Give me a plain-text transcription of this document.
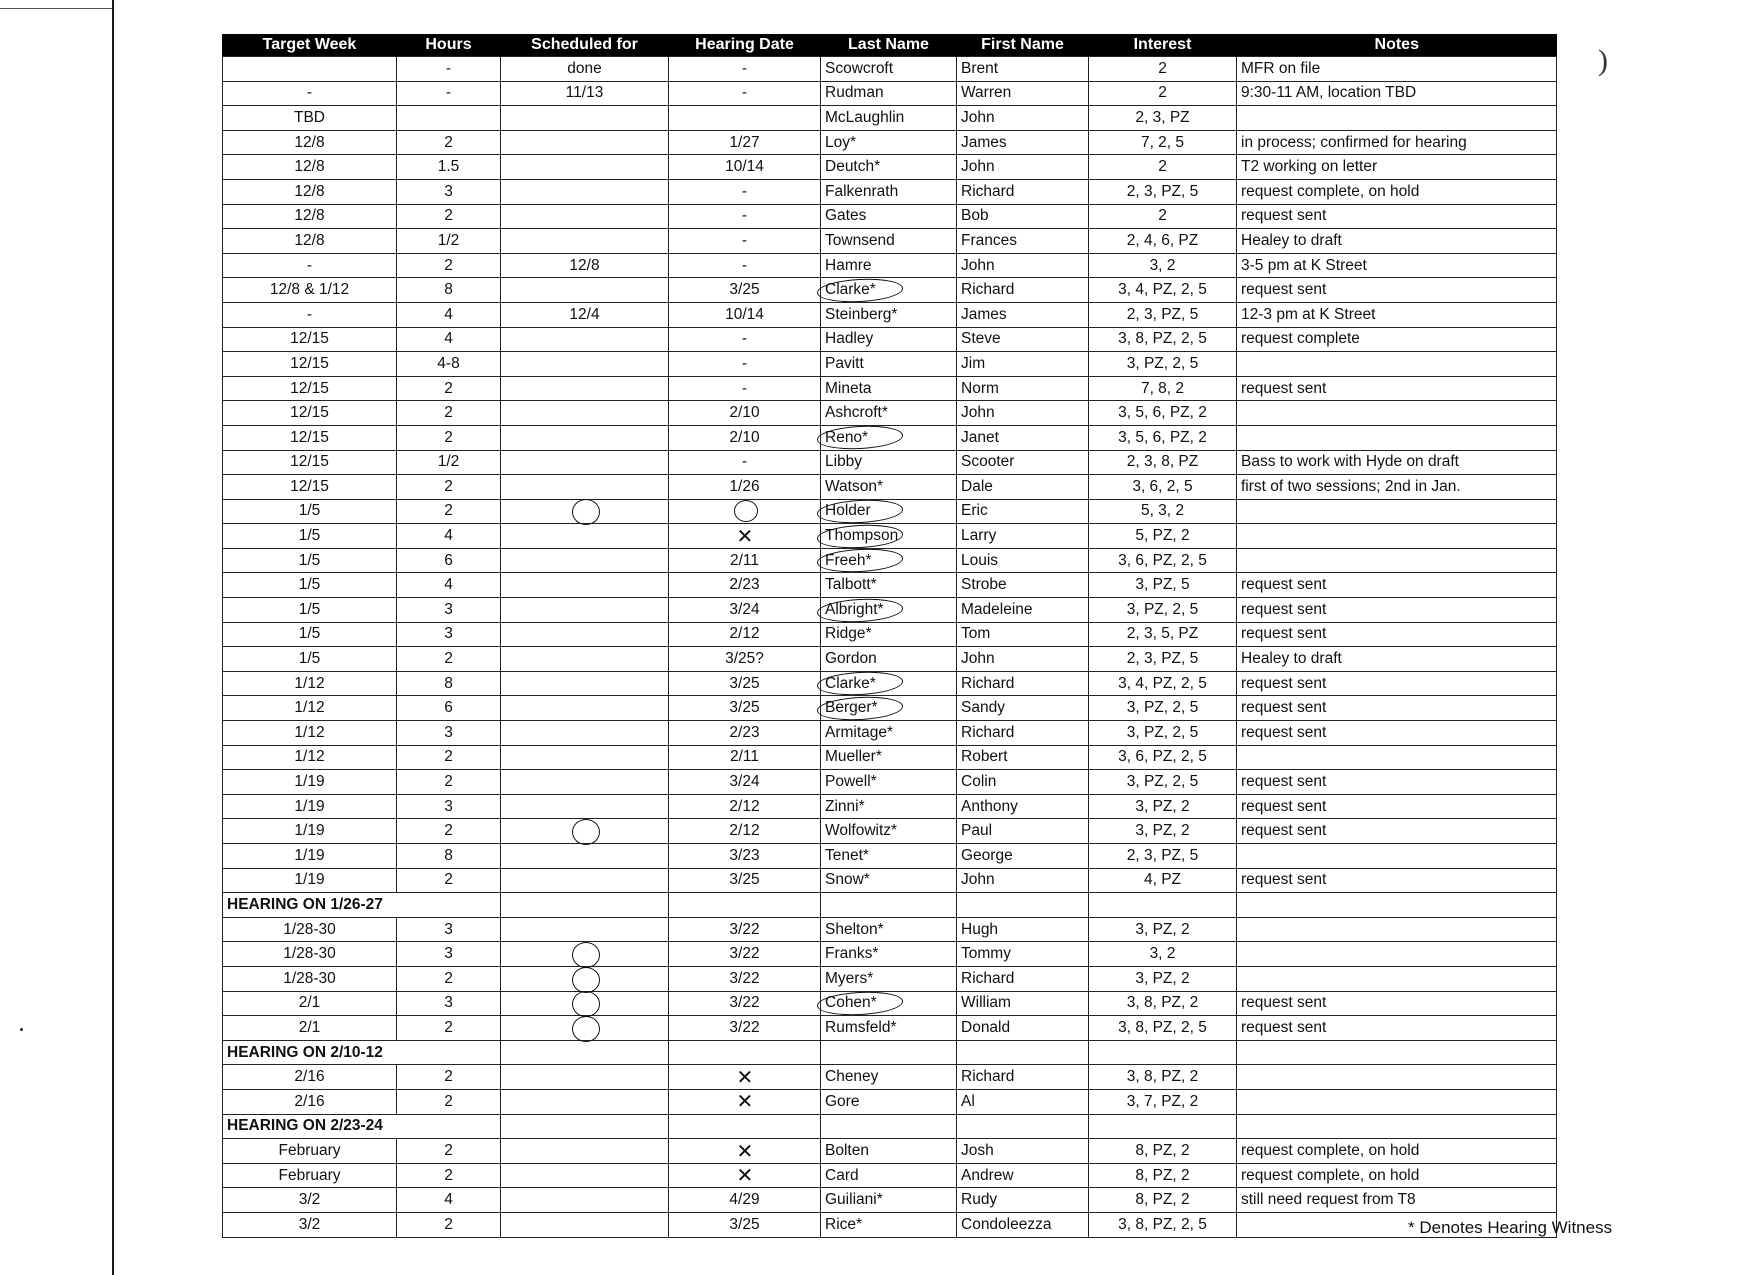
)
Target Week	Hours	Scheduled for	Hearing Date	Last Name	First Name	Interest	Notes
	-	done	-	Scowcroft	Brent	2	MFR on file
-	-	11/13	-	Rudman	Warren	2	9:30-11 AM, location TBD
TBD				McLaughlin	John	2, 3, PZ	
12/8	2		1/27	Loy*	James	7, 2, 5	in process; confirmed for hearing
12/8	1.5		10/14	Deutch*	John	2	T2 working on letter
12/8	3		-	Falkenrath	Richard	2, 3, PZ, 5	request complete, on hold
12/8	2		-	Gates	Bob	2	request sent
12/8	1/2		-	Townsend	Frances	2, 4, 6, PZ	Healey to draft
-	2	12/8	-	Hamre	John	3, 2	3-5 pm at K Street
12/8 & 1/12	8		3/25	Clarke*	Richard	3, 4, PZ, 2, 5	request sent
-	4	12/4	10/14	Steinberg*	James	2, 3, PZ, 5	12-3 pm at K Street
12/15	4		-	Hadley	Steve	3, 8, PZ, 2, 5	request complete
12/15	4-8		-	Pavitt	Jim	3, PZ, 2, 5	
12/15	2		-	Mineta	Norm	7, 8, 2	request sent
12/15	2		2/10	Ashcroft*	John	3, 5, 6, PZ, 2	
12/15	2		2/10	Reno*	Janet	3, 5, 6, PZ, 2	
12/15	1/2		-	Libby	Scooter	2, 3, 8, PZ	Bass to work with Hyde on draft
12/15	2		1/26	Watson*	Dale	3, 6, 2, 5	first of two sessions; 2nd in Jan.
1/5	2			Holder	Eric	5, 3, 2	
1/5	4			Thompson	Larry	5, PZ, 2	
1/5	6		2/11	Freeh*	Louis	3, 6, PZ, 2, 5	
1/5	4		2/23	Talbott*	Strobe	3, PZ, 5	request sent
1/5	3		3/24	Albright*	Madeleine	3, PZ, 2, 5	request sent
1/5	3		2/12	Ridge*	Tom	2, 3, 5, PZ	request sent
1/5	2		3/25?	Gordon	John	2, 3, PZ, 5	Healey to draft
1/12	8		3/25	Clarke*	Richard	3, 4, PZ, 2, 5	request sent
1/12	6		3/25	Berger*	Sandy	3, PZ, 2, 5	request sent
1/12	3		2/23	Armitage*	Richard	3, PZ, 2, 5	request sent
1/12	2		2/11	Mueller*	Robert	3, 6, PZ, 2, 5	
1/19	2		3/24	Powell*	Colin	3, PZ, 2, 5	request sent
1/19	3		2/12	Zinni*	Anthony	3, PZ, 2	request sent
1/19	2		2/12	Wolfowitz*	Paul	3, PZ, 2	request sent
1/19	8		3/23	Tenet*	George	2, 3, PZ, 5	
1/19	2		3/25	Snow*	John	4, PZ	request sent
HEARING ON 1/26-27							
1/28-30	3		3/22	Shelton*	Hugh	3, PZ, 2	
1/28-30	3		3/22	Franks*	Tommy	3, 2	
1/28-30	2		3/22	Myers*	Richard	3, PZ, 2	
2/1	3		3/22	Cohen*	William	3, 8, PZ, 2	request sent
2/1	2		3/22	Rumsfeld*	Donald	3, 8, PZ, 2, 5	request sent
HEARING ON 2/10-12							
2/16	2			Cheney	Richard	3, 8, PZ, 2	
2/16	2			Gore	Al	3, 7, PZ, 2	
HEARING ON 2/23-24							
February	2			Bolten	Josh	8, PZ, 2	request complete, on hold
February	2			Card	Andrew	8, PZ, 2	request complete, on hold
3/2	4		4/29	Guiliani*	Rudy	8, PZ, 2	still need request from T8
3/2	2		3/25	Rice*	Condoleezza	3, 8, PZ, 2, 5		* Denotes Hearing Witness
✕
✕
✕
✕
✕
